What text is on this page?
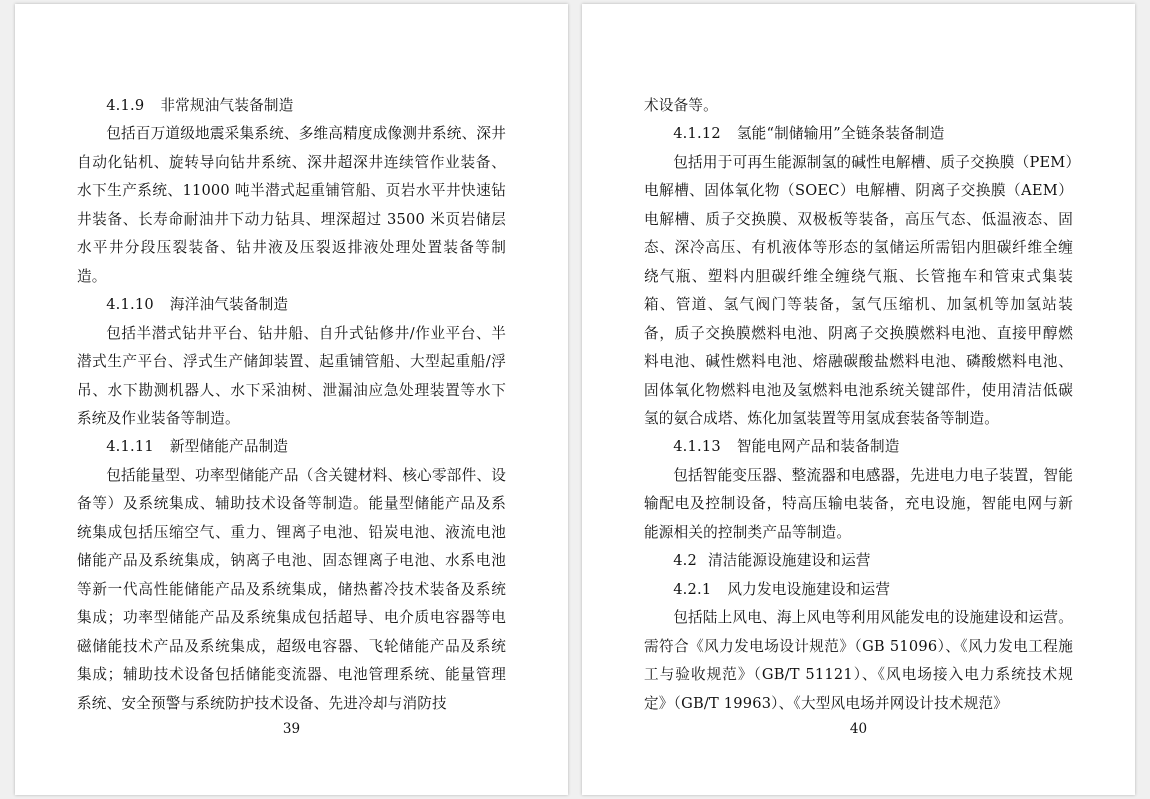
4.1.9 非常规油气装备制造

包括百万道级地震采集系统、多维高精度成像测井系统、深井自动化钻机、旋转导向钻井系统、深井超深井连续管作业装备、水下生产系统、11000 吨半潜式起重铺管船、页岩水平井快速钻井装备、长寿命耐油井下动力钻具、埋深超过 3500 米页岩储层水平井分段压裂装备、钻井液及压裂返排液处理处置装备等制造。

4.1.10 海洋油气装备制造

包括半潜式钻井平台、钻井船、自升式钻修井/作业平台、半潜式生产平台、浮式生产储卸装置、起重铺管船、大型起重船/浮吊、水下勘测机器人、水下采油树、泄漏油应急处理装置等水下系统及作业装备等制造。

4.1.11 新型储能产品制造

包括能量型、功率型储能产品（含关键材料、核心零部件、设备等）及系统集成、辅助技术设备等制造。能量型储能产品及系统集成包括压缩空气、重力、锂离子电池、铅炭电池、液流电池储能产品及系统集成，钠离子电池、固态锂离子电池、水系电池等新一代高性能储能产品及系统集成，储热蓄冷技术装备及系统集成；功率型储能产品及系统集成包括超导、电介质电容器等电磁储能技术产品及系统集成，超级电容器、飞轮储能产品及系统集成；辅助技术设备包括储能变流器、电池管理系统、能量管理系统、安全预警与系统防护技术设备、先进冷却与消防技

39

术设备等。

4.1.12 氢能“制储输用”全链条装备制造

包括用于可再生能源制氢的碱性电解槽、质子交换膜（PEM）电解槽、固体氧化物（SOEC）电解槽、阴离子交换膜（AEM）电解槽、质子交换膜、双极板等装备，高压气态、低温液态、固态、深冷高压、有机液体等形态的氢储运所需铝内胆碳纤维全缠绕气瓶、塑料内胆碳纤维全缠绕气瓶、长管拖车和管束式集装箱、管道、氢气阀门等装备，氢气压缩机、加氢机等加氢站装备，质子交换膜燃料电池、阴离子交换膜燃料电池、直接甲醇燃料电池、碱性燃料电池、熔融碳酸盐燃料电池、磷酸燃料电池、固体氧化物燃料电池及氢燃料电池系统关键部件，使用清洁低碳氢的氨合成塔、炼化加氢装置等用氢成套装备等制造。

4.1.13 智能电网产品和装备制造

包括智能变压器、整流器和电感器，先进电力电子装置，智能输配电及控制设备，特高压输电装备，充电设施，智能电网与新能源相关的控制类产品等制造。

4.2 清洁能源设施建设和运营

4.2.1 风力发电设施建设和运营

包括陆上风电、海上风电等利用风能发电的设施建设和运营。需符合《风力发电场设计规范》（GB 51096）、《风力发电工程施工与验收规范》（GB/T 51121）、《风电场接入电力系统技术规定》（GB/T 19963）、《大型风电场并网设计技术规范》

40
